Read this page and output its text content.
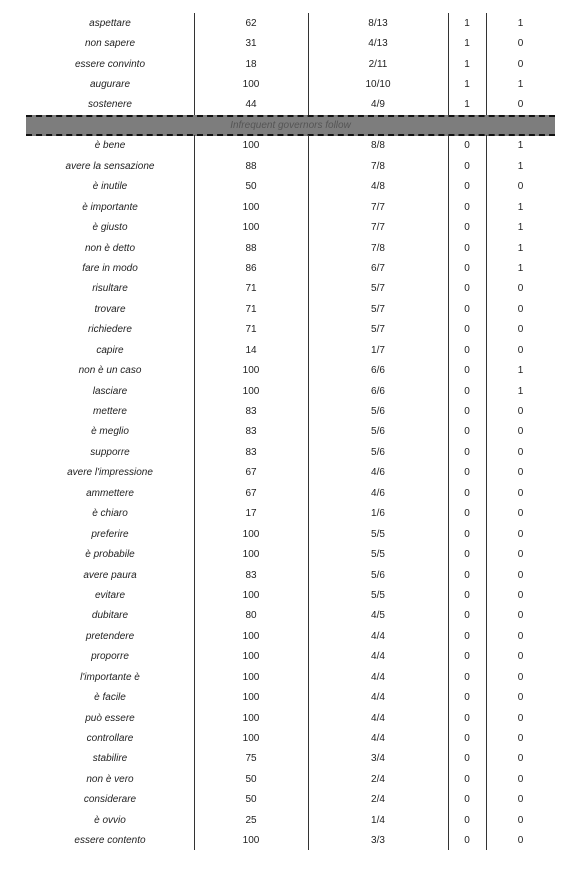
aspettare	62	8/13	1	1
non sapere	31	4/13	1	0
essere convinto	18	2/11	1	0
augurare	100	10/10	1	1
sostenere	44	4/9	1	0
Infrequent governors follow
è bene	100	8/8	0	1
avere la sensazione	88	7/8	0	1
è inutile	50	4/8	0	0
è importante	100	7/7	0	1
è giusto	100	7/7	0	1
non è detto	88	7/8	0	1
fare in modo	86	6/7	0	1
risultare	71	5/7	0	0
trovare	71	5/7	0	0
richiedere	71	5/7	0	0
capire	14	1/7	0	0
non è un caso	100	6/6	0	1
lasciare	100	6/6	0	1
mettere	83	5/6	0	0
è meglio	83	5/6	0	0
supporre	83	5/6	0	0
avere l'impressione	67	4/6	0	0
ammettere	67	4/6	0	0
è chiaro	17	1/6	0	0
preferire	100	5/5	0	0
è probabile	100	5/5	0	0
avere paura	83	5/6	0	0
evitare	100	5/5	0	0
dubitare	80	4/5	0	0
pretendere	100	4/4	0	0
proporre	100	4/4	0	0
l'importante è	100	4/4	0	0
è facile	100	4/4	0	0
può essere	100	4/4	0	0
controllare	100	4/4	0	0
stabilire	75	3/4	0	0
non è vero	50	2/4	0	0
considerare	50	2/4	0	0
è ovvio	25	1/4	0	0
essere contento	100	3/3	0	0
